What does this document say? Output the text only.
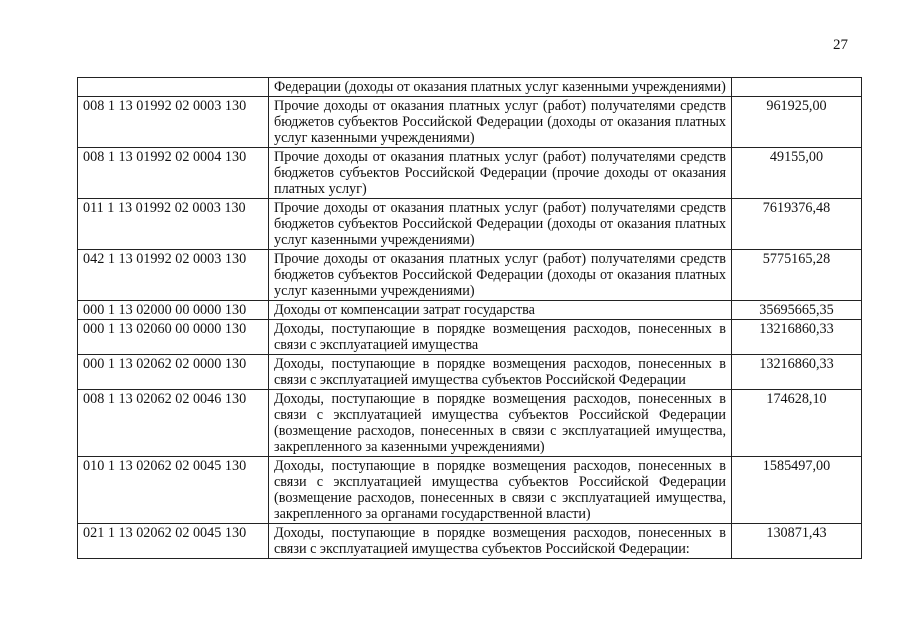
27
	Федерации (доходы от оказания платных услуг казенными учреждениями)	
008 1 13 01992 02 0003 130	Прочие доходы от оказания платных услуг (работ) получателями средств бюджетов субъектов Российской Федерации (доходы от оказания платных услуг казенными учреждениями)	961925,00
008 1 13 01992 02 0004 130	Прочие доходы от оказания платных услуг (работ) получателями средств бюджетов субъектов Российской Федерации (прочие доходы от оказания платных услуг)	49155,00
011 1 13 01992 02 0003 130	Прочие доходы от оказания платных услуг (работ) получателями средств бюджетов субъектов Российской Федерации (доходы от оказания платных услуг казенными учреждениями)	7619376,48
042 1 13 01992 02 0003 130	Прочие доходы от оказания платных услуг (работ) получателями средств бюджетов субъектов Российской Федерации (доходы от оказания платных услуг казенными учреждениями)	5775165,28
000 1 13 02000 00 0000 130	Доходы от компенсации затрат государства	35695665,35
000 1 13 02060 00 0000 130	Доходы, поступающие в порядке возмещения расходов, понесенных в связи с эксплуатацией имущества	13216860,33
000 1 13 02062 02 0000 130	Доходы, поступающие в порядке возмещения расходов, понесенных в связи с эксплуатацией имущества субъектов Российской Федерации	13216860,33
008 1 13 02062 02 0046 130	Доходы, поступающие в порядке возмещения расходов, понесенных в связи с эксплуатацией имущества субъектов Российской Федерации (возмещение расходов, понесенных в связи с эксплуатацией имущества, закрепленного за казенными учреждениями)	174628,10
010 1 13 02062 02 0045 130	Доходы, поступающие в порядке возмещения расходов, понесенных в связи с эксплуатацией имущества субъектов Российской Федерации (возмещение расходов, понесенных в связи с эксплуатацией имущества, закрепленного за органами государственной власти)	1585497,00
021 1 13 02062 02 0045 130	Доходы, поступающие в порядке возмещения расходов, понесенных в связи с эксплуатацией имущества субъектов Российской Федерации:	130871,43
